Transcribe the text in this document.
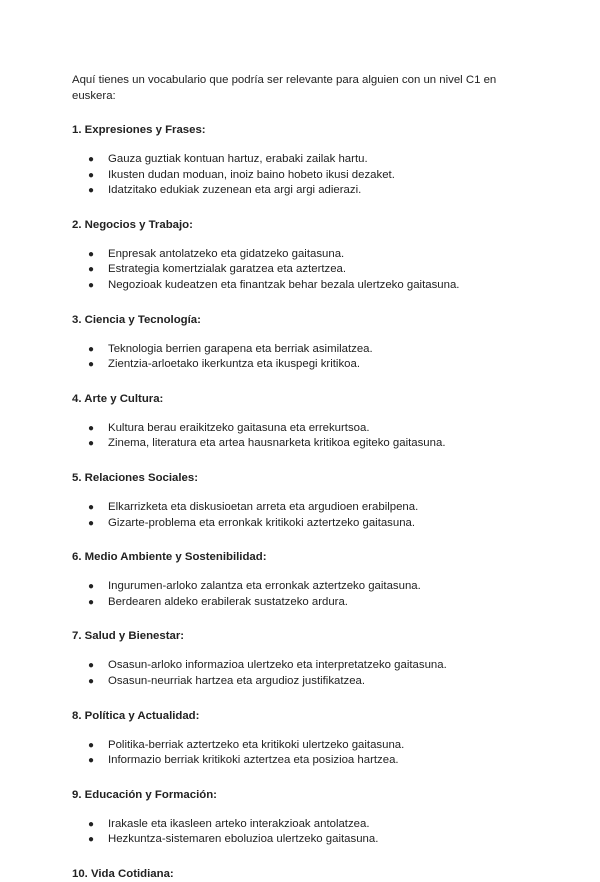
Aquí tienes un vocabulario que podría ser relevante para alguien con un nivel C1 en euskera:

1. Expresiones y Frases:
● Gauza guztiak kontuan hartuz, erabaki zailak hartu.
● Ikusten dudan moduan, inoiz baino hobeto ikusi dezaket.
● Idatzitako edukiak zuzenean eta argi argi adierazi.
2. Negocios y Trabajo:
● Enpresak antolatzeko eta gidatzeko gaitasuna.
● Estrategia komertzialak garatzea eta aztertzea.
● Negozioak kudeatzen eta finantzak behar bezala ulertzeko gaitasuna.
3. Ciencia y Tecnología:
● Teknologia berrien garapena eta berriak asimilatzea.
● Zientzia-arloetako ikerkuntza eta ikuspegi kritikoa.
4. Arte y Cultura:
● Kultura berau eraikitzeko gaitasuna eta errekurtsoa.
● Zinema, literatura eta artea hausnarketa kritikoa egiteko gaitasuna.
5. Relaciones Sociales:
● Elkarrizketa eta diskusioetan arreta eta argudioen erabilpena.
● Gizarte-problema eta erronkak kritikoki aztertzeko gaitasuna.
6. Medio Ambiente y Sostenibilidad:
● Ingurumen-arloko zalantza eta erronkak aztertzeko gaitasuna.
● Berdearen aldeko erabilerak sustatzeko ardura.
7. Salud y Bienestar:
● Osasun-arloko informazioa ulertzeko eta interpretatzeko gaitasuna.
● Osasun-neurriak hartzea eta argudioz justifikatzea.
8. Política y Actualidad:
● Politika-berriak aztertzeko eta kritikoki ulertzeko gaitasuna.
● Informazio berriak kritikoki aztertzea eta posizioa hartzea.
9. Educación y Formación:
● Irakasle eta ikasleen arteko interakzioak antolatzea.
● Hezkuntza-sistemaren eboluzioa ulertzeko gaitasuna.
10. Vida Cotidiana:
